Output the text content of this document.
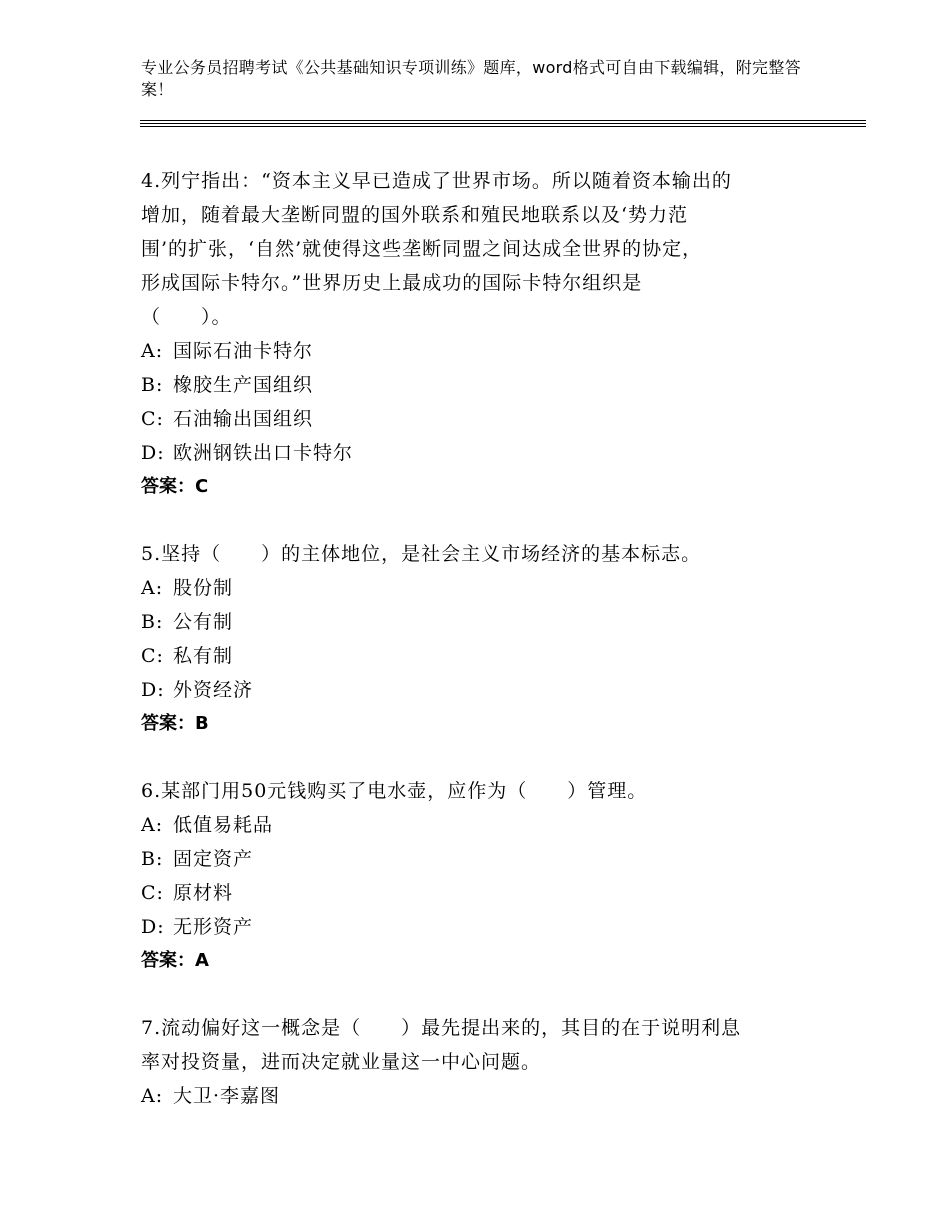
专业公务员招聘考试《公共基础知识专项训练》题库，word格式可自由下载编辑，附完整答案！
4.列宁指出：“资本主义早已造成了世界市场。所以随着资本输出的
增加，随着最大垄断同盟的国外联系和殖民地联系以及‘势力范
围’的扩张，‘自然’就使得这些垄断同盟之间达成全世界的协定，
形成国际卡特尔。”世界历史上最成功的国际卡特尔组织是
（　　）。
A: 国际石油卡特尔
B: 橡胶生产国组织
C: 石油输出国组织
D: 欧洲钢铁出口卡特尔
答案：C
5.坚持（　　）的主体地位，是社会主义市场经济的基本标志。
A: 股份制
B: 公有制
C: 私有制
D: 外资经济
答案：B
6.某部门用50元钱购买了电水壶，应作为（　　）管理。
A: 低值易耗品
B: 固定资产
C: 原材料
D: 无形资产
答案：A
7.流动偏好这一概念是（　　）最先提出来的，其目的在于说明利息
率对投资量，进而决定就业量这一中心问题。
A: 大卫·李嘉图
